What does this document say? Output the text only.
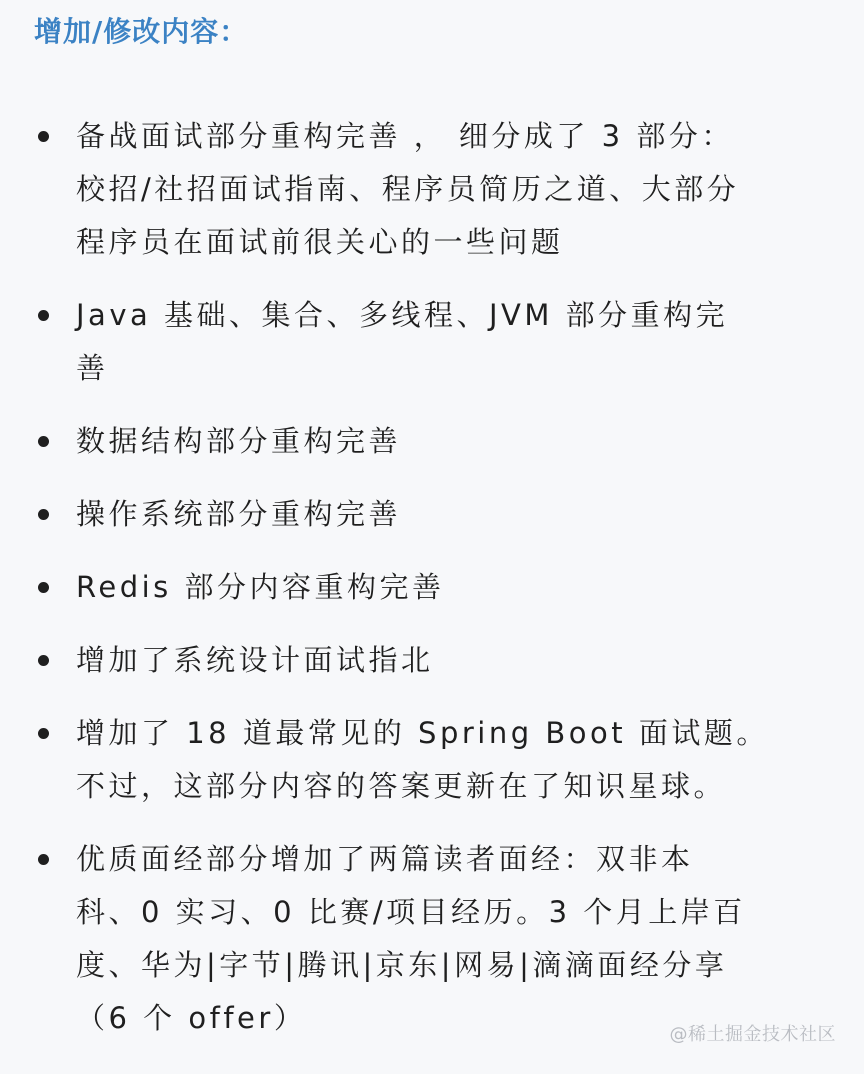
增加/修改内容：
备战面试部分重构完善 ， 细分成了 3 部分：
校招/社招面试指南、程序员简历之道、大部分
程序员在面试前很关心的一些问题
Java 基础、集合、多线程、JVM 部分重构完
善
数据结构部分重构完善
操作系统部分重构完善
Redis 部分内容重构完善
增加了系统设计面试指北
增加了 18 道最常见的 Spring Boot 面试题。
不过，这部分内容的答案更新在了知识星球。
优质面经部分增加了两篇读者面经：双非本
科、0 实习、0 比赛/项目经历。3 个月上岸百
度、华为|字节|腾讯|京东|网易|滴滴面经分享
（6 个 offer）	@稀土掘金技术社区
